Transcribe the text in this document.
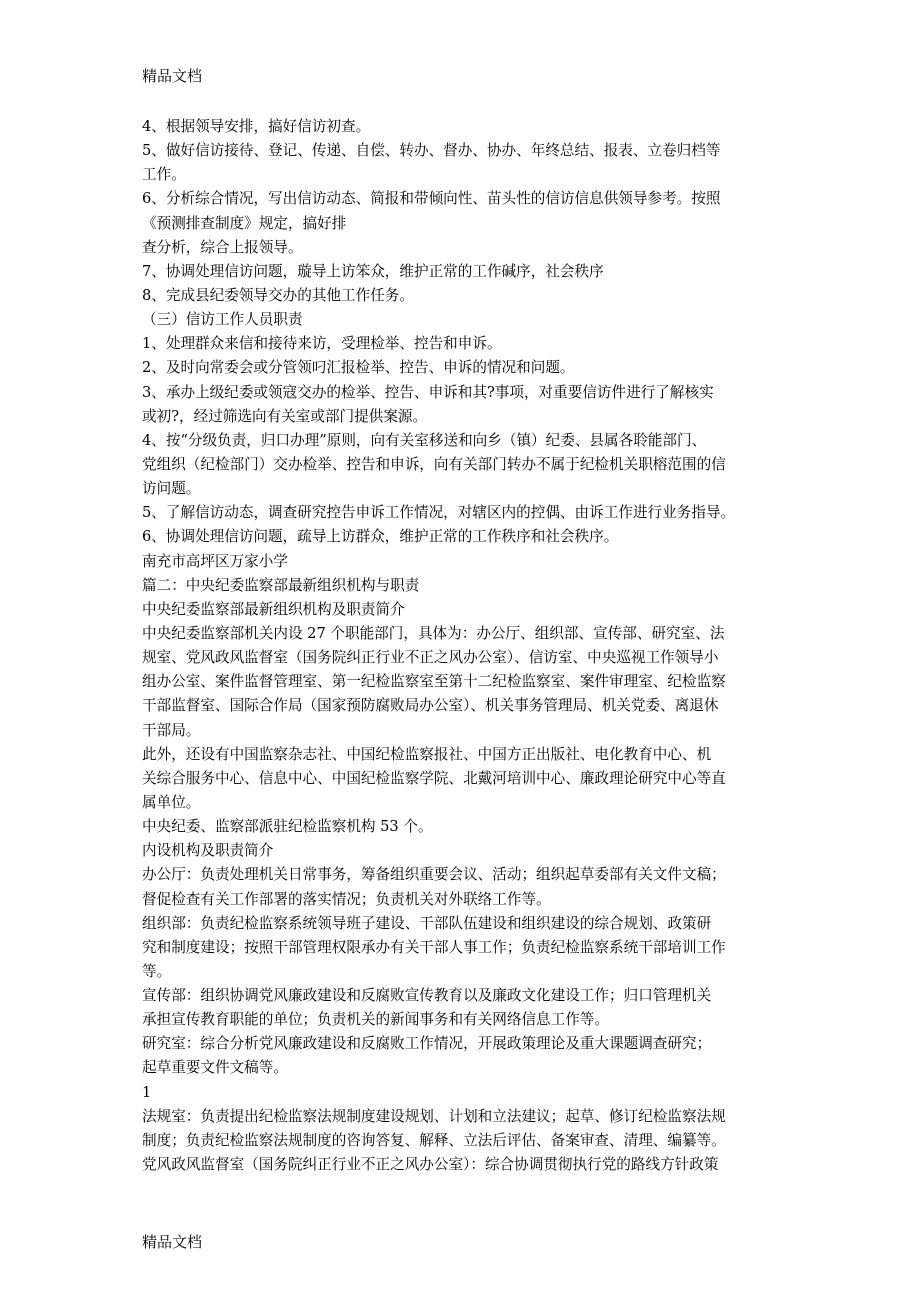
精品文档
4、根据领导安排，搞好信访初查。
5、做好信访接待、登记、传递、自偿、转办、督办、协办、年终总结、报表、立卷归档等
工作。
6、分析综合情况，写出信访动态、简报和带倾向性、苗头性的信访信息供领导参考。按照
《预测排查制度》规定，搞好排
查分析，综合上报领导。
7、协调处理信访问题，璇导上访笨众，维护正常的工作碱序，社会秩序
8、完成县纪委领导交办的其他工作任务。
（三）信访工作人员职责
1、处理群众来信和接待来访，受理检举、控告和申诉。
2、及时向常委会或分管领叼汇报检举、控告、申诉的情况和问题。
3、承办上级纪委或领寇交办的检举、控告、申诉和其?事项，对重要信访件进行了解核实
或初?，经过筛选向有关室或部门提供案源。
4、按“分级负责，归口办理”原则，向有关室移送和向乡（镇）纪委、县属各聆能部门、
党组织（纪检部门）交办检举、控告和申诉，向有关部门转办不属于纪检机关职榕范围的信
访问题。
5、了解信访动态，调查研究控告申诉工作情况，对辖区内的控偶、由诉工作进行业务指导。
6、协调处理信访问题，疏导上访群众，维护正常的工作秩序和社会秩序。
南充市高坪区万家小学
篇二：中央纪委监察部最新组织机构与职责
中央纪委监察部最新组织机构及职责简介
中央纪委监察部机关内设 27 个职能部门，具体为：办公厅、组织部、宣传部、研究室、法
规室、党风政风监督室（国务院纠正行业不正之风办公室）、信访室、中央巡视工作领导小
组办公室、案件监督管理室、第一纪检监察室至第十二纪检监察室、案件审理室、纪检监察
干部监督室、国际合作局（国家预防腐败局办公室）、机关事务管理局、机关党委、离退休
干部局。
此外，还设有中国监察杂志社、中国纪检监察报社、中国方正出版社、电化教育中心、机
关综合服务中心、信息中心、中国纪检监察学院、北戴河培训中心、廉政理论研究中心等直
属单位。
中央纪委、监察部派驻纪检监察机构 53 个。
内设机构及职责简介
办公厅：负责处理机关日常事务，筹备组织重要会议、活动；组织起草委部有关文件文稿；
督促检查有关工作部署的落实情况；负责机关对外联络工作等。
组织部：负责纪检监察系统领导班子建设、干部队伍建设和组织建设的综合规划、政策研
究和制度建设；按照干部管理权限承办有关干部人事工作；负责纪检监察系统干部培训工作
等。
宣传部：组织协调党风廉政建设和反腐败宣传教育以及廉政文化建设工作；归口管理机关
承担宣传教育职能的单位；负责机关的新闻事务和有关网络信息工作等。
研究室：综合分析党风廉政建设和反腐败工作情况，开展政策理论及重大课题调查研究；
起草重要文件文稿等。
1
法规室：负责提出纪检监察法规制度建设规划、计划和立法建议；起草、修订纪检监察法规
制度；负责纪检监察法规制度的咨询答复、解释、立法后评估、备案审查、清理、编纂等。
党风政风监督室（国务院纠正行业不正之风办公室）：综合协调贯彻执行党的路线方针政策
精品文档
